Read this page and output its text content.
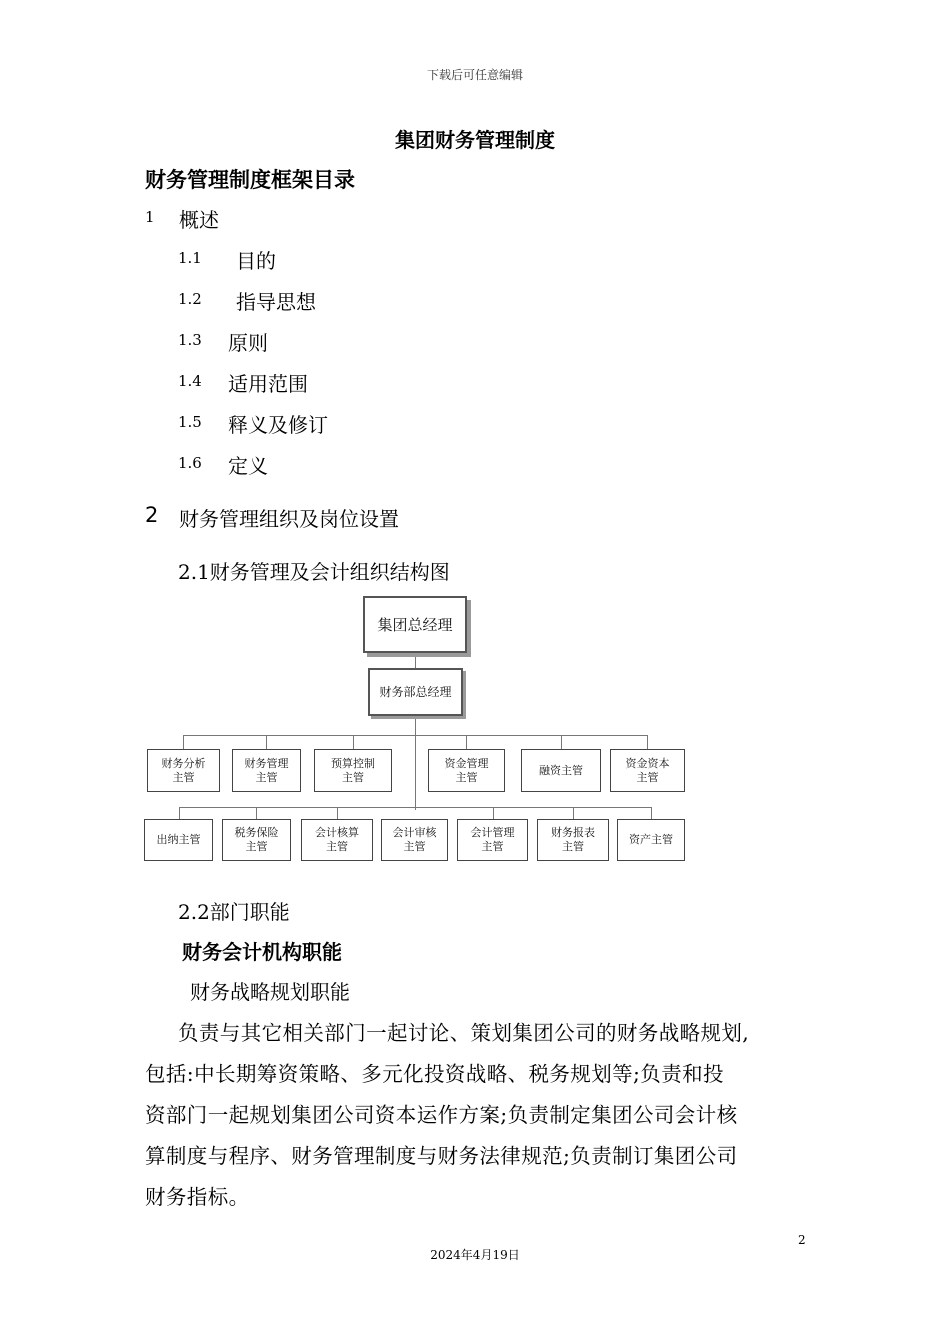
下载后可任意编辑
集团财务管理制度
财务管理制度框架目录
1 概述
1.1 目的
1.2 指导思想
1.3 原则
1.4 适用范围
1.5 释义及修订
1.6 定义
2 财务管理组织及岗位设置
2.1财务管理及会计组织结构图
集团总经理
财务部总经理
财务分析
主管
财务管理
主管
预算控制
主管
资金管理
主管
融资主管
资金资本
主管
出纳主管
税务保险
主管
会计核算
主管
会计审核
主管
会计管理
主管
财务报表
主管
资产主管
2.2部门职能
财务会计机构职能
财务战略规划职能
负责与其它相关部门一起讨论、策划集团公司的财务战略规划,
包括:中长期筹资策略、多元化投资战略、税务规划等;负责和投
资部门一起规划集团公司资本运作方案;负责制定集团公司会计核
算制度与程序、财务管理制度与财务法律规范;负责制订集团公司
财务指标。
2
2024年4月19日
